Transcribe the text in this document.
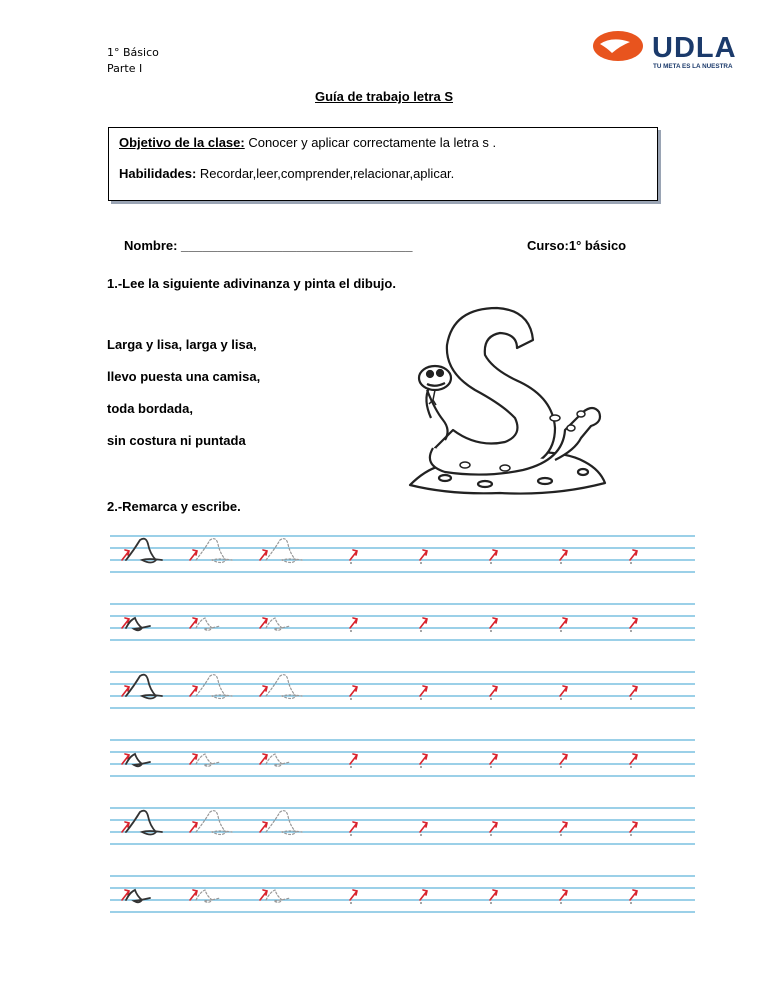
1° Básico
Parte I
UDLA
TU META ES LA NUESTRA
Guía de trabajo letra S
Objetivo de la clase: Conocer y aplicar correctamente la letra s .
Habilidades: Recordar,leer,comprender,relacionar,aplicar.
Nombre: ________________________________	Curso:1° básico
1.-Lee la siguiente adivinanza y pinta el dibujo.
Larga y lisa, larga y lisa,
llevo puesta una camisa,
toda bordada,
sin costura ni puntada
2.-Remarca y escribe.
